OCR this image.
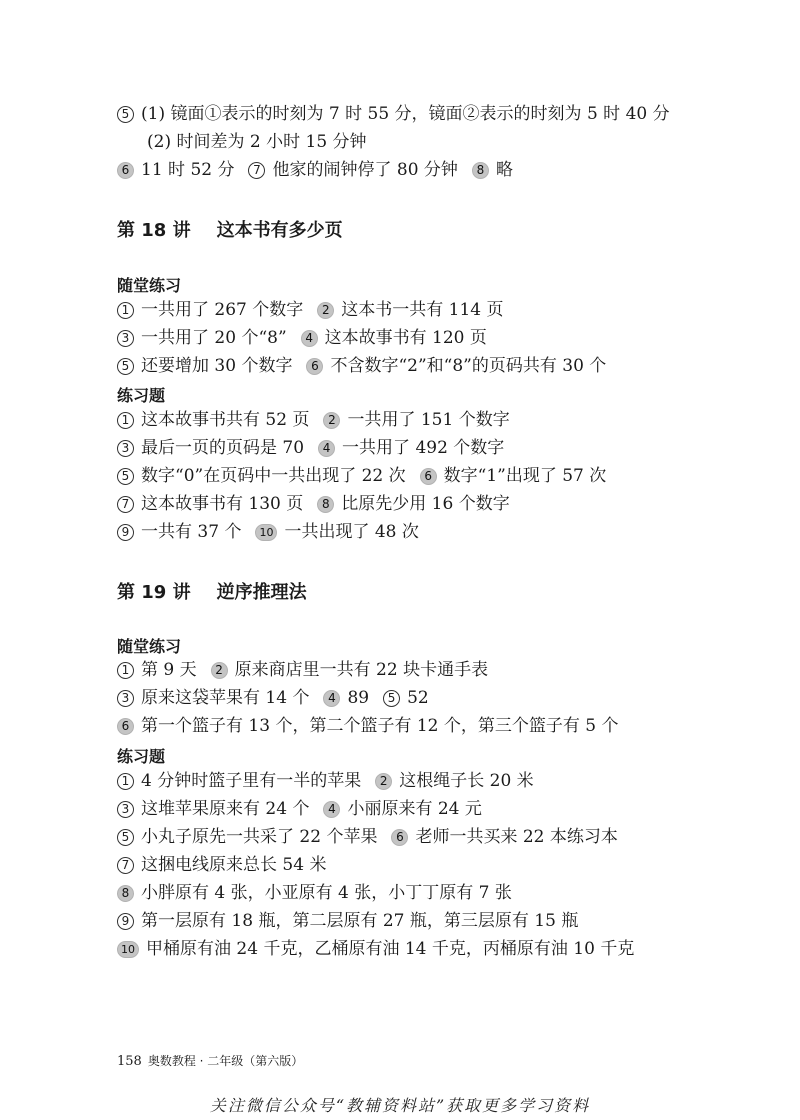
5 (1) 镜面①表示的时刻为 7 时 55 分，镜面②表示的时刻为 5 时 40 分
(2) 时间差为 2 小时 15 分钟
6 11 时 52 分	7 他家的闹钟停了 80 分钟	8 略
第 18 讲 这本书有多少页
随堂练习
1 一共用了 267 个数字	2 这本书一共有 114 页
3 一共用了 20 个“8”	4 这本故事书有 120 页
5 还要增加 30 个数字	6 不含数字“2”和“8”的页码共有 30 个
练习题
1 这本故事书共有 52 页	2 一共用了 151 个数字
3 最后一页的页码是 70	4 一共用了 492 个数字
5 数字“0”在页码中一共出现了 22 次	6 数字“1”出现了 57 次
7 这本故事书有 130 页	8 比原先少用 16 个数字
9 一共有 37 个	10 一共出现了 48 次
第 19 讲 逆序推理法
随堂练习
1 第 9 天	2 原来商店里一共有 22 块卡通手表
3 原来这袋苹果有 14 个	4 89	5 52
6 第一个篮子有 13 个，第二个篮子有 12 个，第三个篮子有 5 个
练习题
1 4 分钟时篮子里有一半的苹果	2 这根绳子长 20 米
3 这堆苹果原来有 24 个	4 小丽原来有 24 元
5 小丸子原先一共采了 22 个苹果	6 老师一共买来 22 本练习本
7 这捆电线原来总长 54 米
8 小胖原有 4 张，小亚原有 4 张，小丁丁原有 7 张
9 第一层原有 18 瓶，第二层原有 27 瓶，第三层原有 15 瓶
10 甲桶原有油 24 千克，乙桶原有油 14 千克，丙桶原有油 10 千克
158 奥数教程 · 二年级（第六版）
关注微信公众号“教辅资料站”获取更多学习资料
